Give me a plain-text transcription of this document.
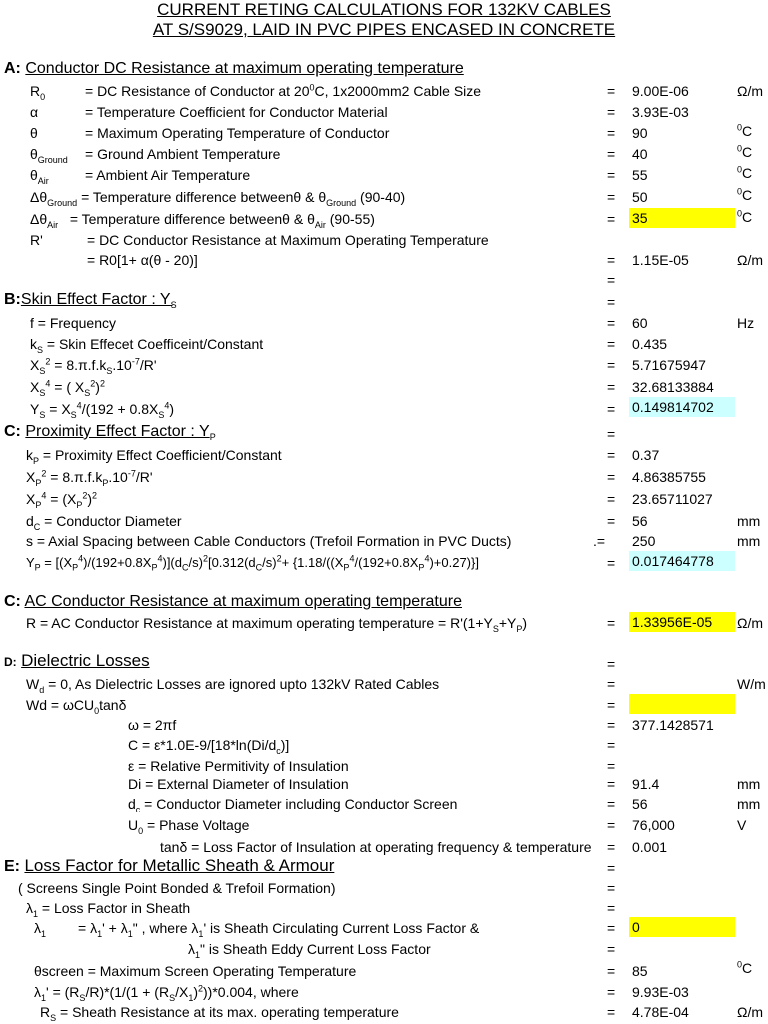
CURRENT RETING CALCULATIONS FOR 132KV CABLES
AT S/S9029, LAID IN PVC PIPES ENCASED IN CONCRETE
A: Conductor DC Resistance at maximum operating temperature
$R_0$	= DC Resistance of Conductor at $20^0C$, 1x2000mm2 Cable Size	= 9.00E-06	Ω/m
α	= Temperature Coefficient for Conductor Material	= 3.93E-03
θ	= Maximum Operating Temperature of Conductor	= 90	$^0$C
$\theta_{Ground}$ = Ground Ambient Temperature	= 40	$^0$C
$\theta_{Air}$	= Ambient Air Temperature	= 55	$^0$C
$\Delta\theta_{Ground}$ = Temperature difference betweenθ & $\theta_{Ground}$ (90-40)	= 50	$^0$C
$\Delta\theta_{Air}$ = Temperature difference betweenθ & $\theta_{Air}$ (90-55)	= 35	$^0$C
R'	= DC Conductor Resistance at Maximum Operating Temperature
= R0[1+ α(θ - 20)]	= 1.15E-05	Ω/m
=
B:Skin Effect Factor : $Y_S$	=
f = Frequency	= 60	Hz
$k_S$ = Skin Effecet Coefficeint/Constant	= 0.435
$X_S^2 = 8.\pi.f.k_S.10^{-7}/R'$	= 5.71675947
$X_S^4$ = ( $X_S^2)^2$	= 32.68133884
$Y_S = X_S^4/(192 + 0.8X_S^4)$	= 0.149814702
C: Proximity Effect Factor : $Y_P$	=
$k_P$ = Proximity Effect Coefficient/Constant	= 0.37
$X_P^2 = 8.\pi.f.k_P.10^{-7}/R'$	= 4.86385755
$X_P^4 = (X_P^2)^2$	= 23.65711027
$d_C$ = Conductor Diameter	= 56	mm
s = Axial Spacing between Cable Conductors (Trefoil Formation in PVC Ducts)	.= 250	mm
$Y_P = [(X_P^4)/(192+0.8X_P^4)](d_C/s)^2[0.312(d_C/s)^2+ \{1.18/((X_P^4/(192+0.8X_P^4)+0.27)\}]$	= 0.017464778
C: AC Conductor Resistance at maximum operating temperature
R = AC Conductor Resistance at maximum operating temperature = $R'(1+Y_S+Y_P)$	= 1.33956E-05	Ω/m
D: Dielectric Losses	=
$W_d = 0$, As Dielectric Losses are ignored upto 132kV Rated Cables	=	W/m
Wd = ωCU$_0$tanδ	=
ω = 2πf	= 377.1428571
$C = \varepsilon*1.0E-9/[18*\ln(Di/d_c)]$	=
ε = Relative Permitivity of Insulation	=
Di = External Diameter of Insulation	= 91.4	mm
$d_c$ = Conductor Diameter including Conductor Screen	= 56	mm
$U_0$ = Phase Voltage	= 76,000	V
tanδ = Loss Factor of Insulation at operating frequency & temperature = 0.001
E: Loss Factor for Metallic Sheath & Armour	=
( Screens Single Point Bonded & Trefoil Formation)	=
$\lambda_1$ = Loss Factor in Sheath	=
$\lambda_1 = \lambda_1' + \lambda_1$" , where $\lambda_1'$ is Sheath Circulating Current Loss Factor &	= 0
$\lambda_1$" is Sheath Eddy Current Loss Factor	=
θscreen = Maximum Screen Operating Temperature	= 85	$^0$C
$\lambda_1' = (R_S/R)*(1/(1 + (R_S/X_1)^2))*0.004$, where	= 9.93E-03
$R_S$ = Sheath Resistance at its max. operating temperature	= 4.78E-04	Ω/m
